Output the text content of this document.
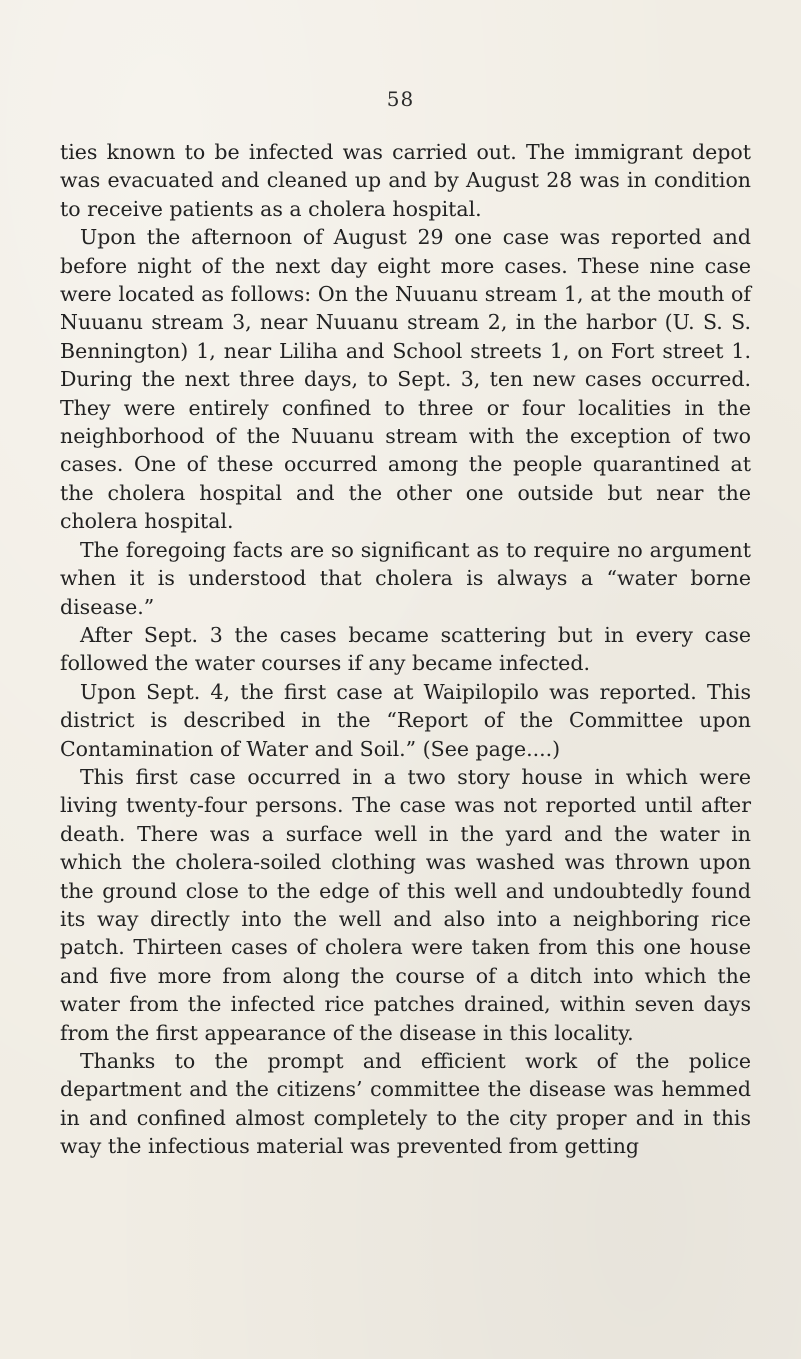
58

ties known to be infected was carried out. The immigrant depot was evacuated and cleaned up and by August 28 was in condition to receive patients as a cholera hospital.

Upon the afternoon of August 29 one case was reported and before night of the next day eight more cases. These nine case were located as follows: On the Nuuanu stream 1, at the mouth of Nuuanu stream 3, near Nuuanu stream 2, in the harbor (U. S. S. Bennington) 1, near Liliha and School streets 1, on Fort street 1. During the next three days, to Sept. 3, ten new cases occurred. They were entirely confined to three or four localities in the neighborhood of the Nuuanu stream with the exception of two cases. One of these occurred among the people quarantined at the cholera hospital and the other one outside but near the cholera hospital.

The foregoing facts are so significant as to require no argument when it is understood that cholera is always a “water borne disease.”

After Sept. 3 the cases became scattering but in every case followed the water courses if any became infected.

Upon Sept. 4, the first case at Waipilopilo was reported. This district is described in the “Report of the Committee upon Contamination of Water and Soil.” (See page....)

This first case occurred in a two story house in which were living twenty-four persons. The case was not reported until after death. There was a surface well in the yard and the water in which the cholera-soiled clothing was washed was thrown upon the ground close to the edge of this well and undoubtedly found its way directly into the well and also into a neighboring rice patch. Thirteen cases of cholera were taken from this one house and five more from along the course of a ditch into which the water from the infected rice patches drained, within seven days from the first appearance of the disease in this locality.

Thanks to the prompt and efficient work of the police department and the citizens’ committee the disease was hemmed in and confined almost completely to the city proper and in this way the infectious material was prevented from getting
